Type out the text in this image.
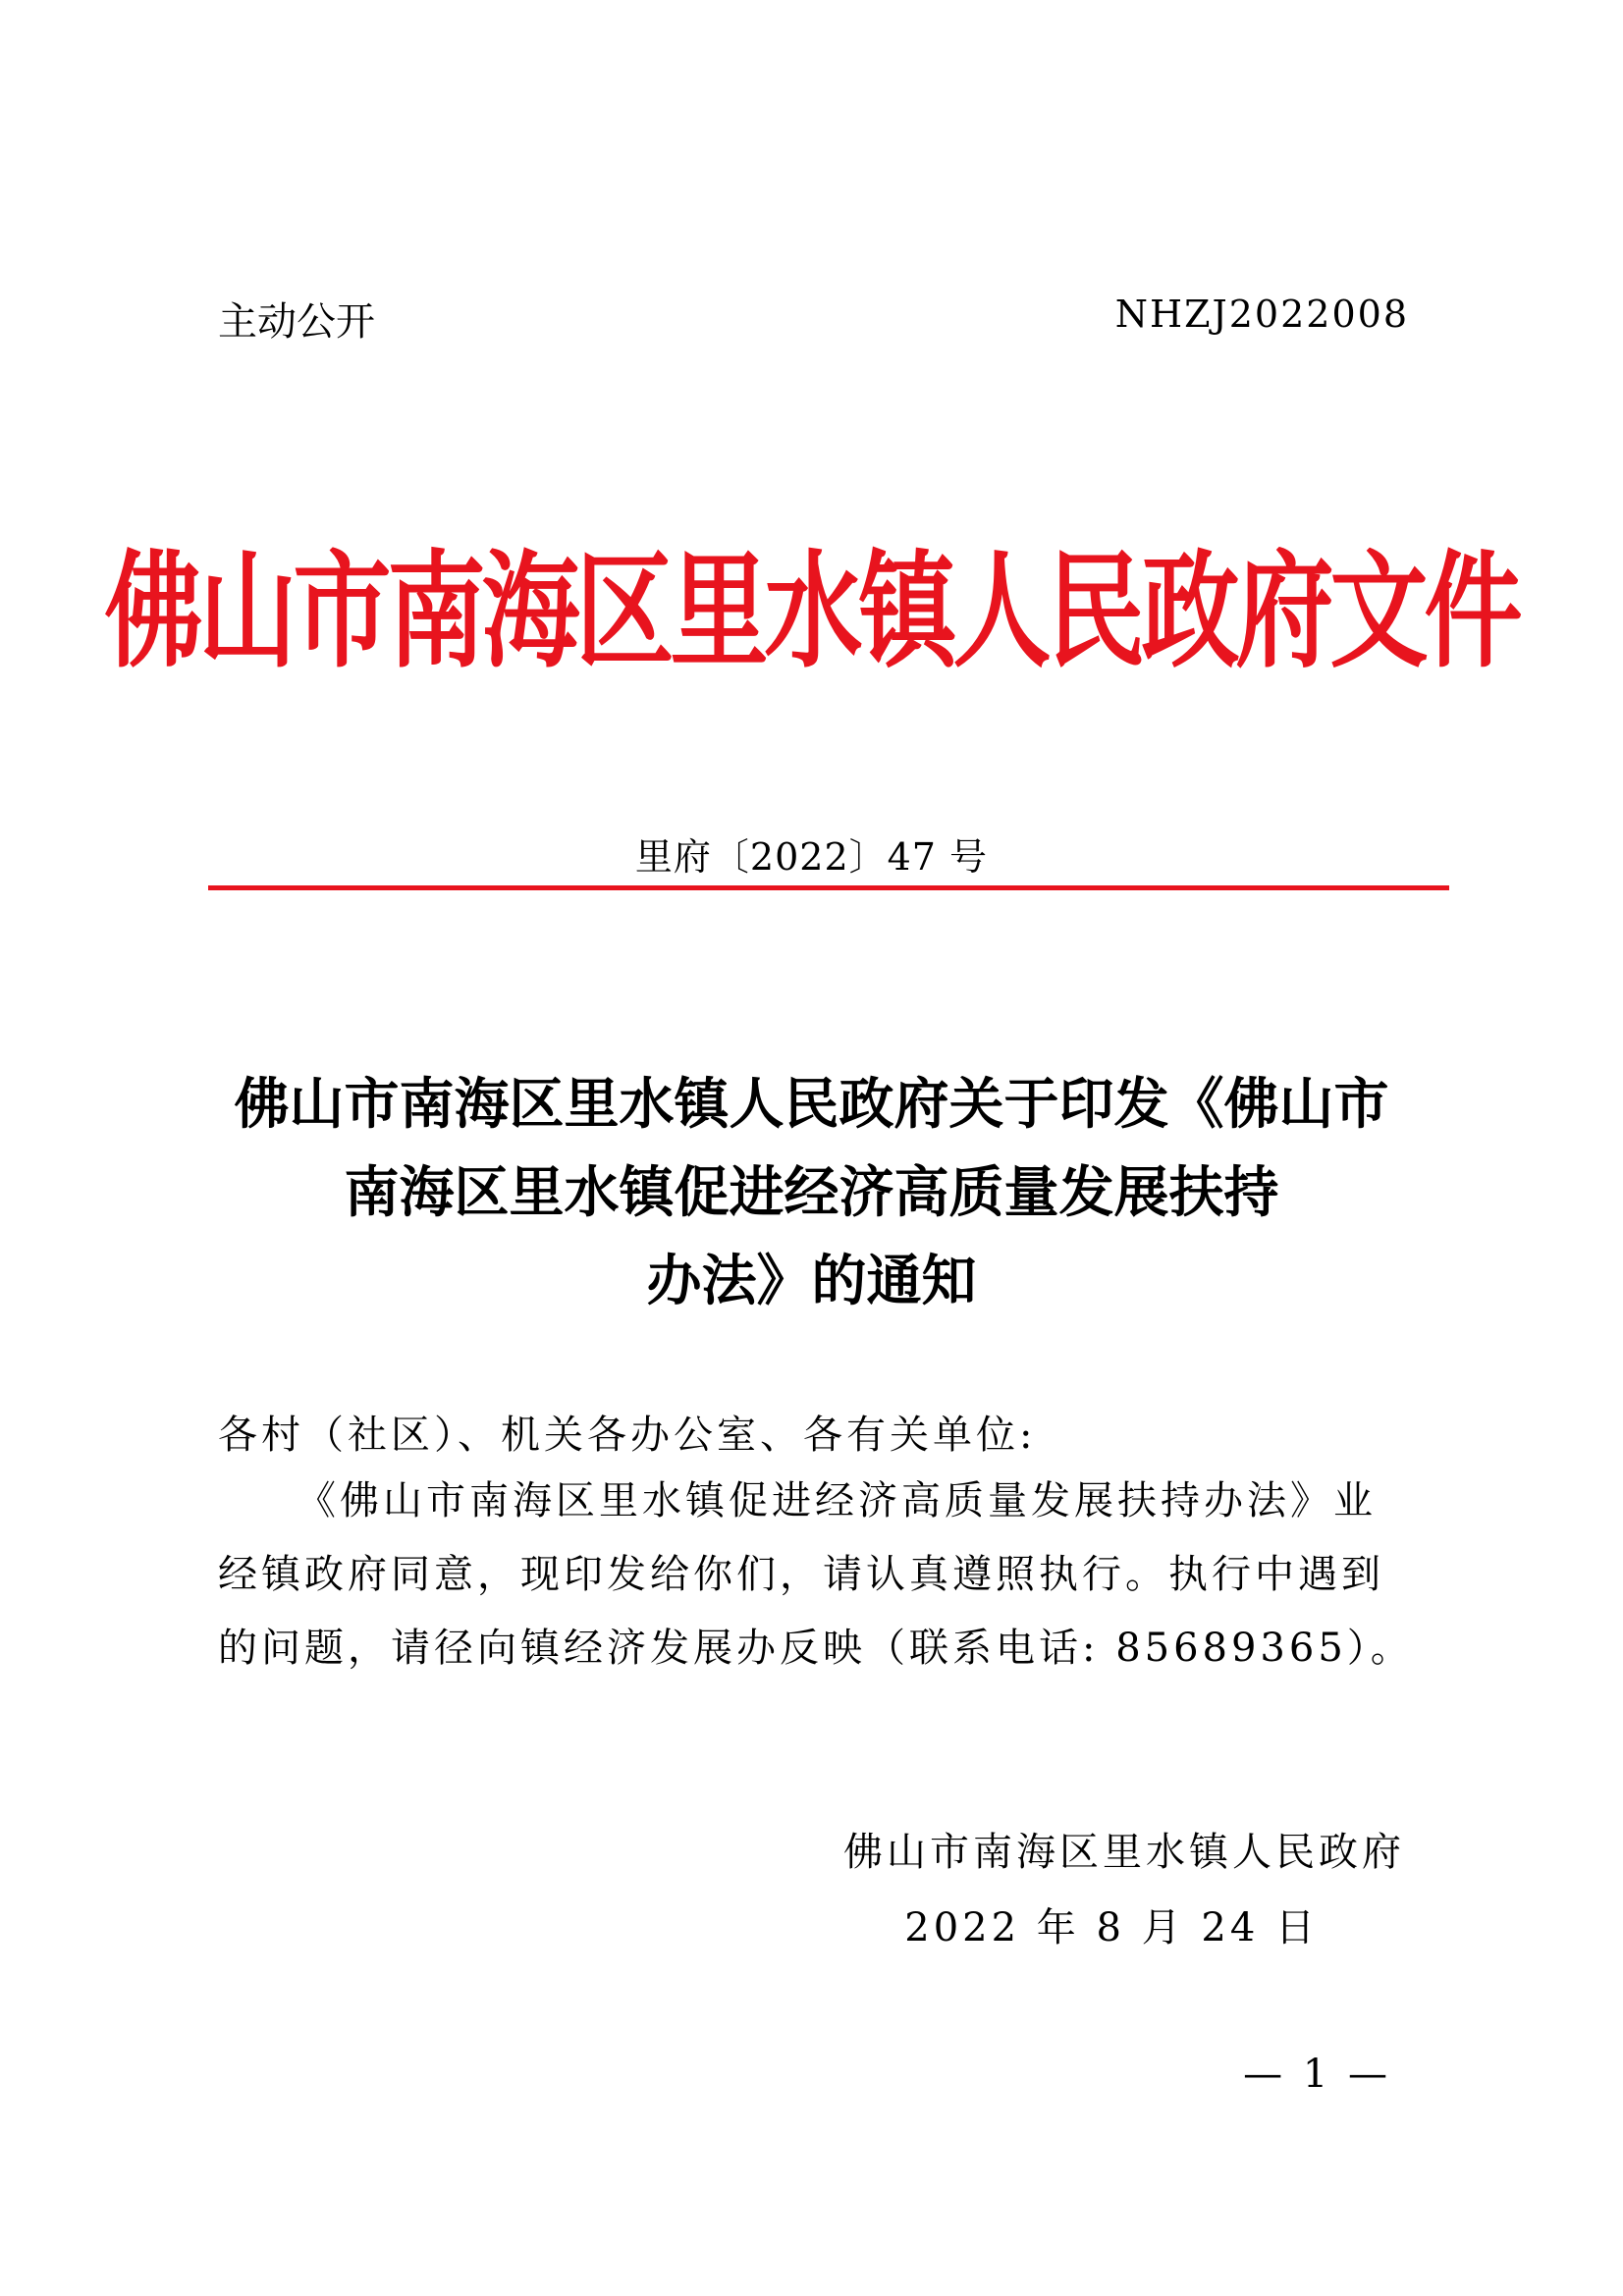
主动公开	NHZJ2022008
佛山市南海区里水镇人民政府文件
里府〔2022〕47 号
佛山市南海区里水镇人民政府关于印发《佛山市
南海区里水镇促进经济高质量发展扶持
办法》的通知
各村（社区）、机关各办公室、各有关单位:
《佛山市南海区里水镇促进经济高质量发展扶持办法》业
经镇政府同意，现印发给你们，请认真遵照执行。执行中遇到
的问题，请径向镇经济发展办反映（联系电话: 85689365）。
佛山市南海区里水镇人民政府
2022 年 8 月 24 日
— 1 —
